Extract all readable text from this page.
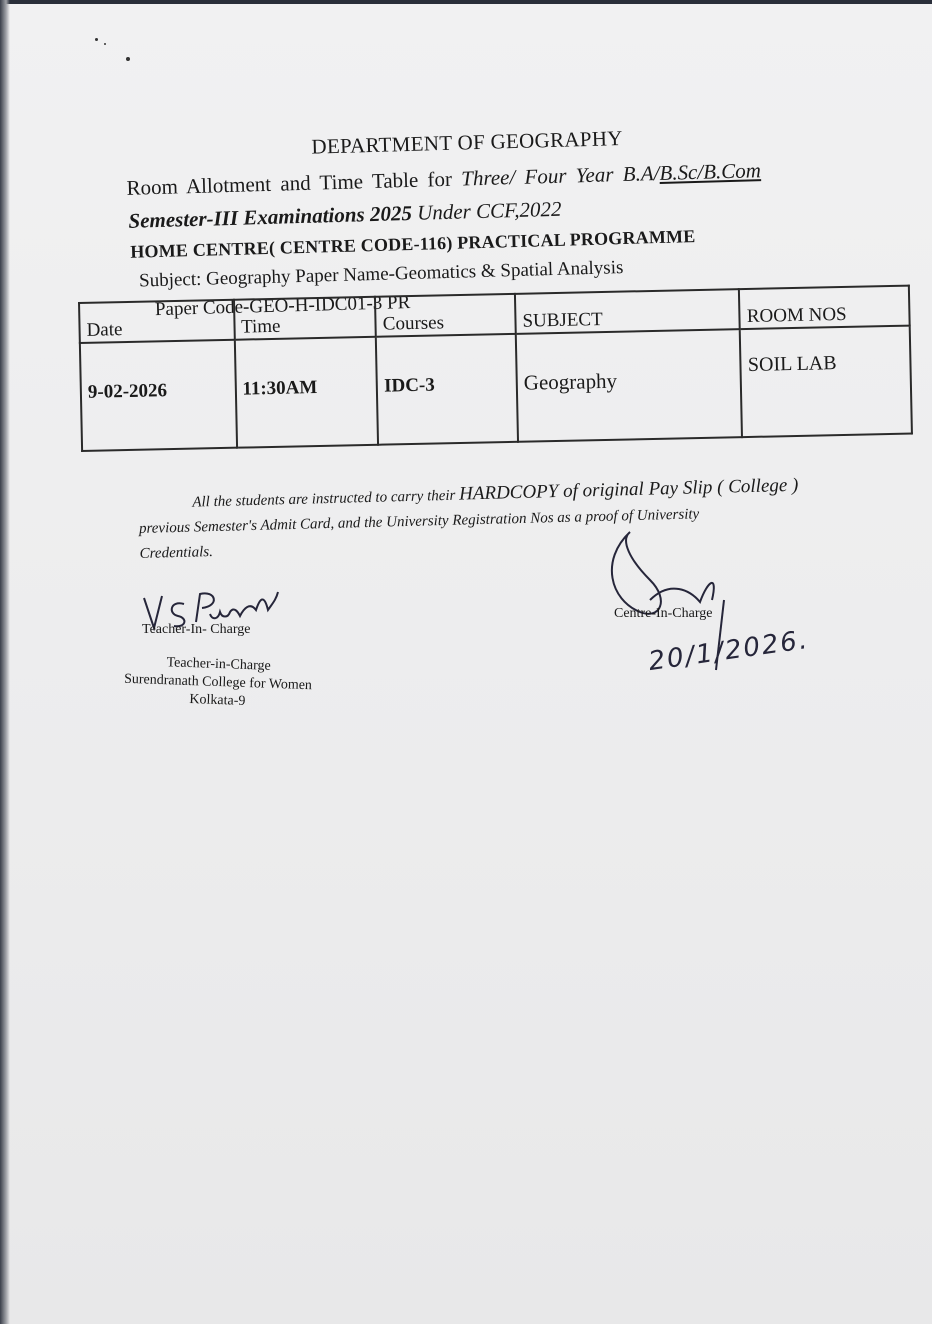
DEPARTMENT OF GEOGRAPHY
Room Allotment and Time Table for Three/ Four Year B.A/B.Sc/B.Com
Semester-III Examinations 2025 Under CCF,2022
HOME CENTRE( CENTRE CODE-116) PRACTICAL PROGRAMME
Subject: Geography Paper Name-Geomatics & Spatial Analysis
Paper Code-GEO-H-IDC01-3 PR
Date	Time	Courses	SUBJECT	ROOM NOS
9-02-2026	11:30AM	IDC-3	Geography	SOIL LAB

All the students are instructed to carry their HARDCOPY of original Pay Slip ( College )

previous Semester's Admit Card, and the University Registration Nos as a proof of University

Credentials.

Teacher-In- Charge
Teacher-in-Charge
Surendranath College for Women
Kolkata-9
Centre-In-Charge
20/1/2026.
